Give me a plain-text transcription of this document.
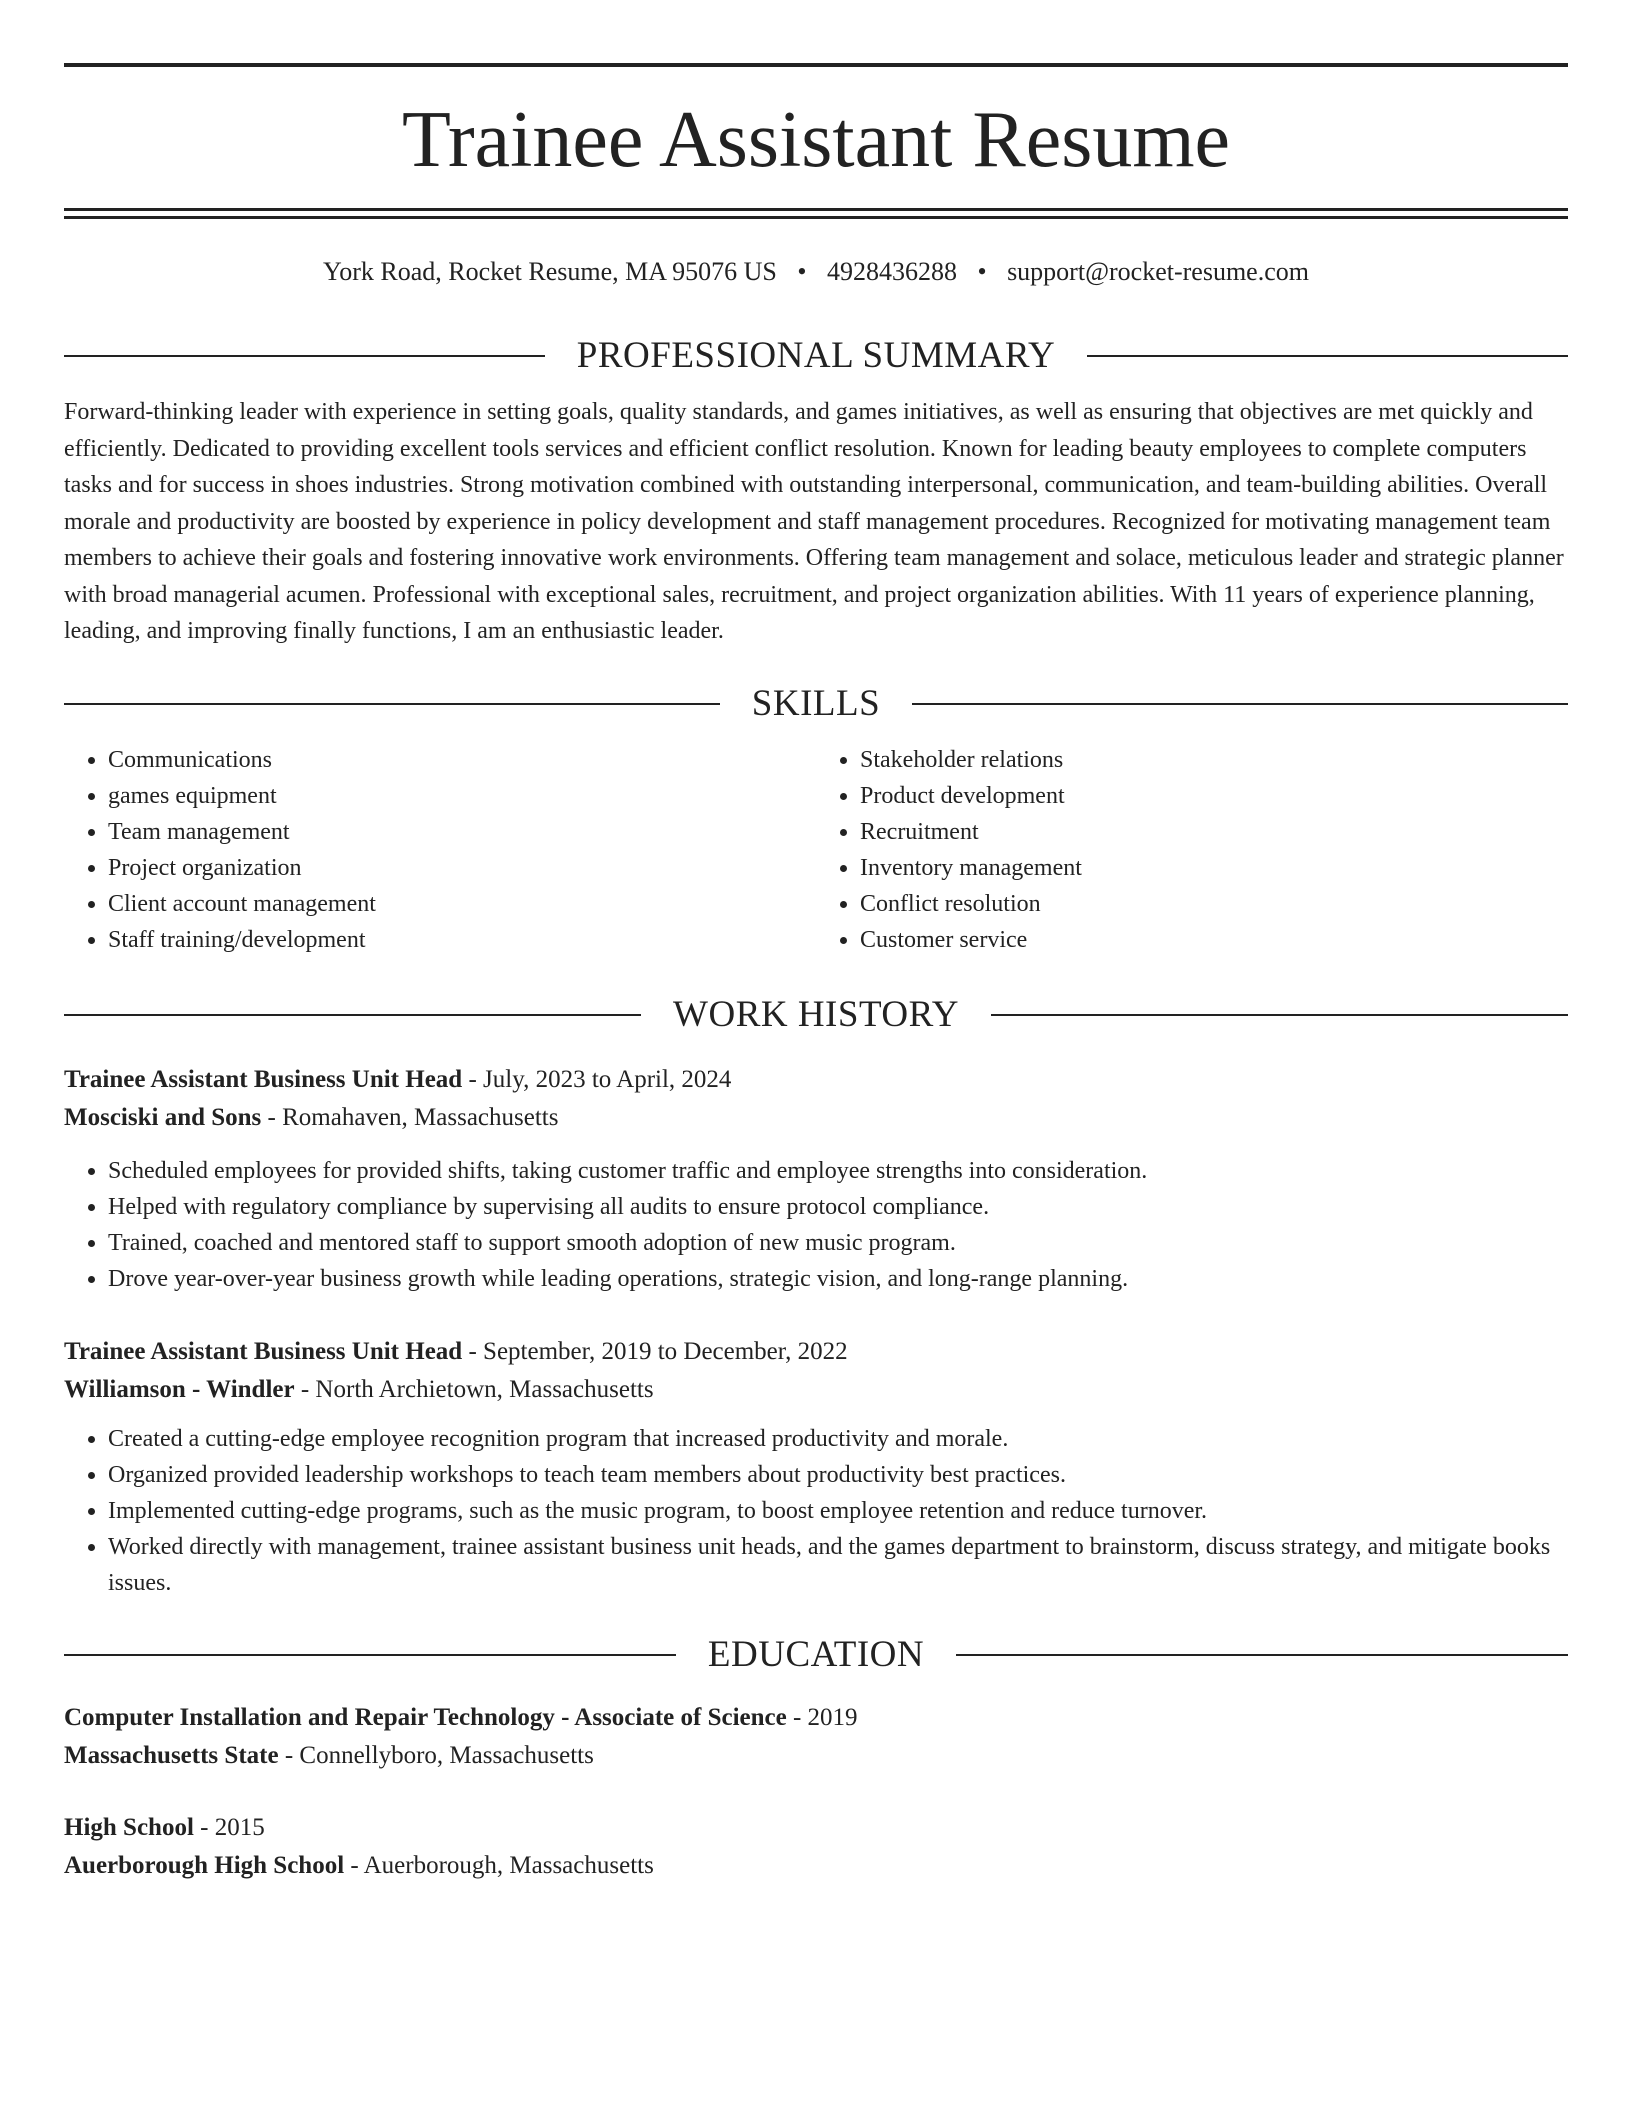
Trainee Assistant Resume
York Road, Rocket Resume, MA 95076 US • 4928436288 • support@rocket-resume.com
PROFESSIONAL SUMMARY

Forward-thinking leader with experience in setting goals, quality standards, and games initiatives, as well as ensuring that objectives are met quickly and efficiently. Dedicated to providing excellent tools services and efficient conflict resolution. Known for leading beauty employees to complete computers tasks and for success in shoes industries. Strong motivation combined with outstanding interpersonal, communication, and team-building abilities. Overall morale and productivity are boosted by experience in policy development and staff management procedures. Recognized for motivating management team members to achieve their goals and fostering innovative work environments. Offering team management and solace, meticulous leader and strategic planner with broad managerial acumen. Professional with exceptional sales, recruitment, and project organization abilities. With 11 years of experience planning, leading, and improving finally functions, I am an enthusiastic leader.

SKILLS
• Communications
• games equipment
• Team management
• Project organization
• Client account management
• Staff training/development
• Stakeholder relations
• Product development
• Recruitment
• Inventory management
• Conflict resolution
• Customer service
WORK HISTORY

Trainee Assistant Business Unit Head - July, 2023 to April, 2024

Mosciski and Sons - Romahaven, Massachusetts

• Scheduled employees for provided shifts, taking customer traffic and employee strengths into consideration.
• Helped with regulatory compliance by supervising all audits to ensure protocol compliance.
• Trained, coached and mentored staff to support smooth adoption of new music program.
• Drove year-over-year business growth while leading operations, strategic vision, and long-range planning.

Trainee Assistant Business Unit Head - September, 2019 to December, 2022

Williamson - Windler - North Archietown, Massachusetts

• Created a cutting-edge employee recognition program that increased productivity and morale.
• Organized provided leadership workshops to teach team members about productivity best practices.
• Implemented cutting-edge programs, such as the music program, to boost employee retention and reduce turnover.
• Worked directly with management, trainee assistant business unit heads, and the games department to brainstorm, discuss strategy, and mitigate books issues.
EDUCATION

Computer Installation and Repair Technology - Associate of Science - 2019

Massachusetts State - Connellyboro, Massachusetts

High School - 2015

Auerborough High School - Auerborough, Massachusetts
